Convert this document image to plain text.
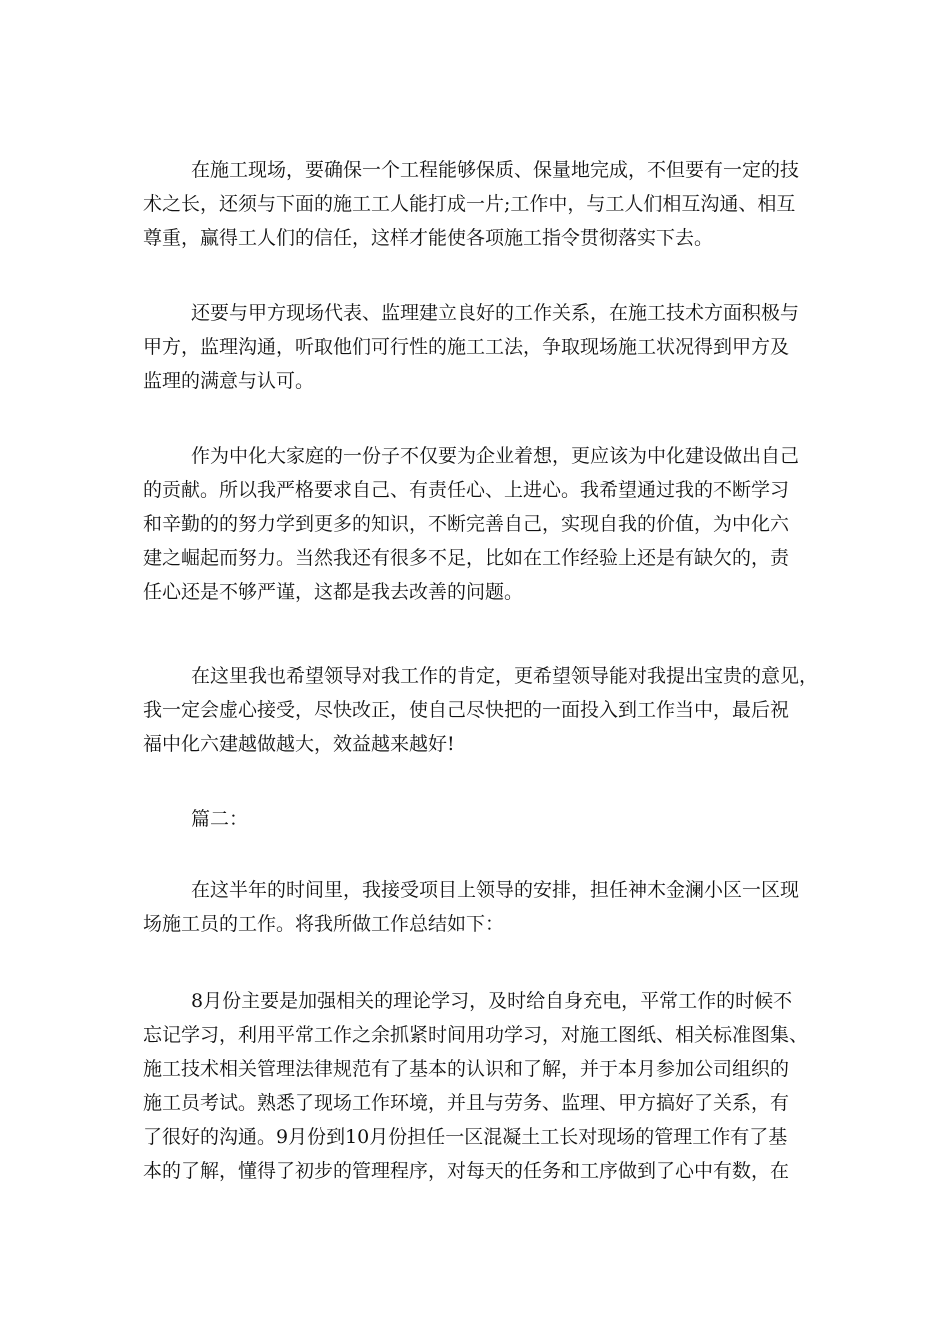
在施工现场，要确保一个工程能够保质、保量地完成，不但要有一定的技
术之长，还须与下面的施工工人能打成一片;工作中，与工人们相互沟通、相互
尊重，赢得工人们的信任，这样才能使各项施工指令贯彻落实下去。
还要与甲方现场代表、监理建立良好的工作关系，在施工技术方面积极与
甲方，监理沟通，听取他们可行性的施工工法，争取现场施工状况得到甲方及
监理的满意与认可。
作为中化大家庭的一份子不仅要为企业着想，更应该为中化建设做出自己
的贡献。所以我严格要求自己、有责任心、上进心。我希望通过我的不断学习
和辛勤的的努力学到更多的知识，不断完善自己，实现自我的价值，为中化六
建之崛起而努力。当然我还有很多不足，比如在工作经验上还是有缺欠的，责
任心还是不够严谨，这都是我去改善的问题。
在这里我也希望领导对我工作的肯定，更希望领导能对我提出宝贵的意见，
我一定会虚心接受，尽快改正，使自己尽快把的一面投入到工作当中，最后祝
福中化六建越做越大，效益越来越好!
篇二：
在这半年的时间里，我接受项目上领导的安排，担任神木金澜小区一区现
场施工员的工作。将我所做工作总结如下：
8月份主要是加强相关的理论学习，及时给自身充电，平常工作的时候不
忘记学习，利用平常工作之余抓紧时间用功学习，对施工图纸、相关标准图集、
施工技术相关管理法律规范有了基本的认识和了解，并于本月参加公司组织的
施工员考试。熟悉了现场工作环境，并且与劳务、监理、甲方搞好了关系，有
了很好的沟通。9月份到10月份担任一区混凝土工长对现场的管理工作有了基
本的了解，懂得了初步的管理程序，对每天的任务和工序做到了心中有数，在
